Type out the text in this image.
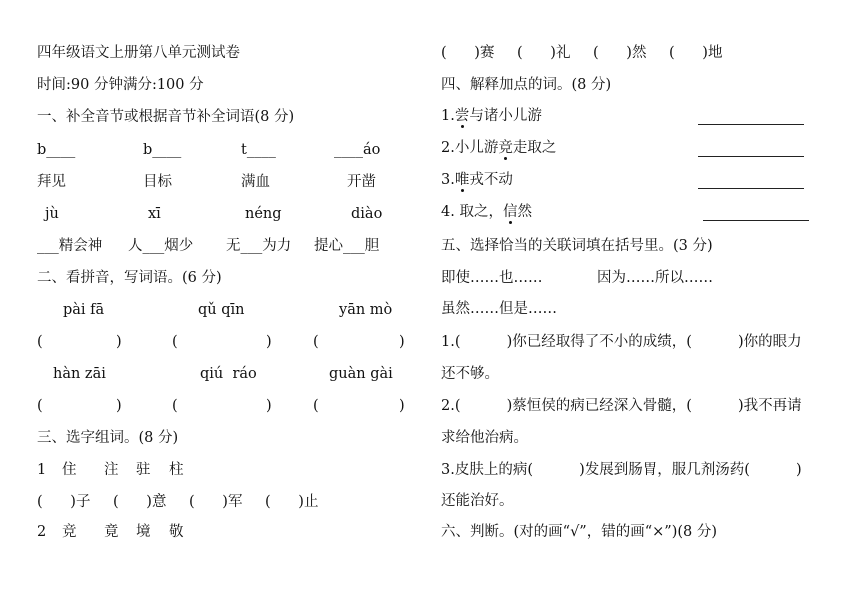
四年级语文上册第八单元测试卷
时间:90 分钟满分:100 分
一、补全音节或根据音节补全词语(8 分)
b____	b____	t____	____áo
拜见	目标	满血	开凿
jù	xī	néng	diào
___精会神 人___烟少 无___为力 提心___胆
二、看拼音，写词语。(6 分)
pài fā	qǔ qīn	yān mò
(	)	(	)	(	)
hàn zāi	qiú  ráo	guàn gài
(	)	(	)	(	)
三、选字组词。(8 分)
1 住 注 驻 柱
(      )子 (      )意 (      )军 (      )止
2 竞 竟 境 敬
(      )赛 (      )礼 (      )然 (      )地
四、解释加点的词。(8 分)
1.尝与诸小儿游
2.小儿游竞走取之
3.唯戎不动
4. 取之，信然
五、选择恰当的关联词填在括号里。(3 分)
即使……也……	因为……所以……
虽然……但是……
1.(          )你已经取得了不小的成绩，(          )你的眼力
还不够。
2.(          )蔡恒侯的病已经深入骨髓，(          )我不再请
求给他治病。
3.皮肤上的病(          )发展到肠胃，服几剂汤药(          )
还能治好。
六、判断。(对的画“√”，错的画“×”)(8 分)
